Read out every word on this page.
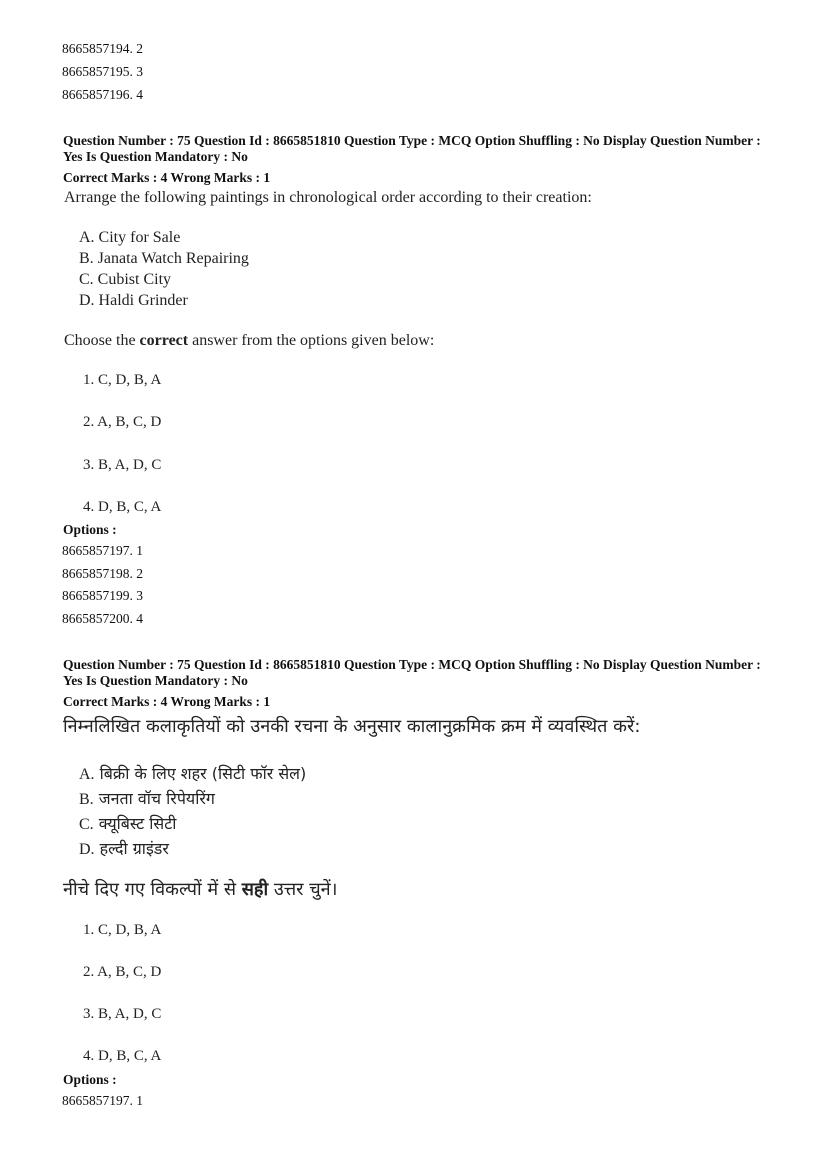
8665857194. 2
8665857195. 3
8665857196. 4
Question Number : 75 Question Id : 8665851810 Question Type : MCQ Option Shuffling : No Display Question Number : Yes Is Question Mandatory : No
Correct Marks : 4 Wrong Marks : 1
Arrange the following paintings in chronological order according to their creation:
A. City for Sale
B. Janata Watch Repairing
C. Cubist City
D. Haldi Grinder
Choose the correct answer from the options given below:
1. C, D, B, A
2. A, B, C, D
3. B, A, D, C
4. D, B, C, A
Options :
8665857197. 1
8665857198. 2
8665857199. 3
8665857200. 4
Question Number : 75 Question Id : 8665851810 Question Type : MCQ Option Shuffling : No Display Question Number : Yes Is Question Mandatory : No
Correct Marks : 4 Wrong Marks : 1
निम्नलिखित कलाकृतियों को उनकी रचना के अनुसार कालानुक्रमिक क्रम में व्यवस्थित करें:
A. बिक्री के लिए शहर (सिटी फॉर सेल)
B. जनता वॉच रिपेयरिंग
C. क्यूबिस्ट सिटी
D. हल्दी ग्राइंडर
नीचे दिए गए विकल्पों में से सही उत्तर चुनें।
1. C, D, B, A
2. A, B, C, D
3. B, A, D, C
4. D, B, C, A
Options :
8665857197. 1
